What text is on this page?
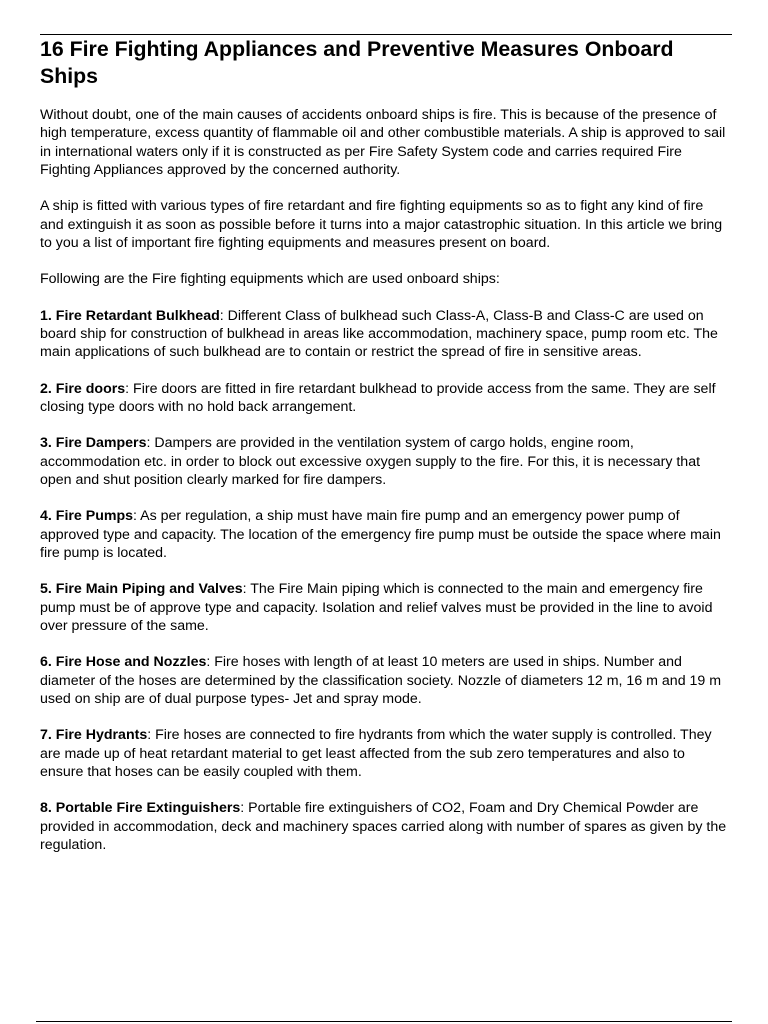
16 Fire Fighting Appliances and Preventive Measures Onboard Ships

Without doubt, one of the main causes of accidents onboard ships is fire. This is because of the presence of high temperature, excess quantity of flammable oil and other combustible materials. A ship is approved to sail in international waters only if it is constructed as per Fire Safety System code and carries required Fire Fighting Appliances approved by the concerned authority.

A ship is fitted with various types of fire retardant and fire fighting equipments so as to fight any kind of fire and extinguish it as soon as possible before it turns into a major catastrophic situation. In this article we bring to you a list of important fire fighting equipments and measures present on board.

Following are the Fire fighting equipments which are used onboard ships:

1. Fire Retardant Bulkhead: Different Class of bulkhead such Class-A, Class-B and Class-C are used on board ship for construction of bulkhead in areas like accommodation, machinery space, pump room etc. The main applications of such bulkhead are to contain or restrict the spread of fire in sensitive areas.

2. Fire doors: Fire doors are fitted in fire retardant bulkhead to provide access from the same. They are self closing type doors with no hold back arrangement.

3. Fire Dampers: Dampers are provided in the ventilation system of cargo holds, engine room, accommodation etc. in order to block out excessive oxygen supply to the fire. For this, it is necessary that open and shut position clearly marked for fire dampers.

4. Fire Pumps: As per regulation, a ship must have main fire pump and an emergency power pump of approved type and capacity. The location of the emergency fire pump must be outside the space where main fire pump is located.

5. Fire Main Piping and Valves: The Fire Main piping which is connected to the main and emergency fire pump must be of approve type and capacity. Isolation and relief valves must be provided in the line to avoid over pressure of the same.

6. Fire Hose and Nozzles: Fire hoses with length of at least 10 meters are used in ships. Number and diameter of the hoses are determined by the classification society. Nozzle of diameters 12 m, 16 m and 19 m used on ship are of dual purpose types- Jet and spray mode.

7. Fire Hydrants: Fire hoses are connected to fire hydrants from which the water supply is controlled. They are made up of heat retardant material to get least affected from the sub zero temperatures and also to ensure that hoses can be easily coupled with them.

8. Portable Fire Extinguishers: Portable fire extinguishers of CO2, Foam and Dry Chemical Powder are provided in accommodation, deck and machinery spaces carried along with number of spares as given by the regulation.
